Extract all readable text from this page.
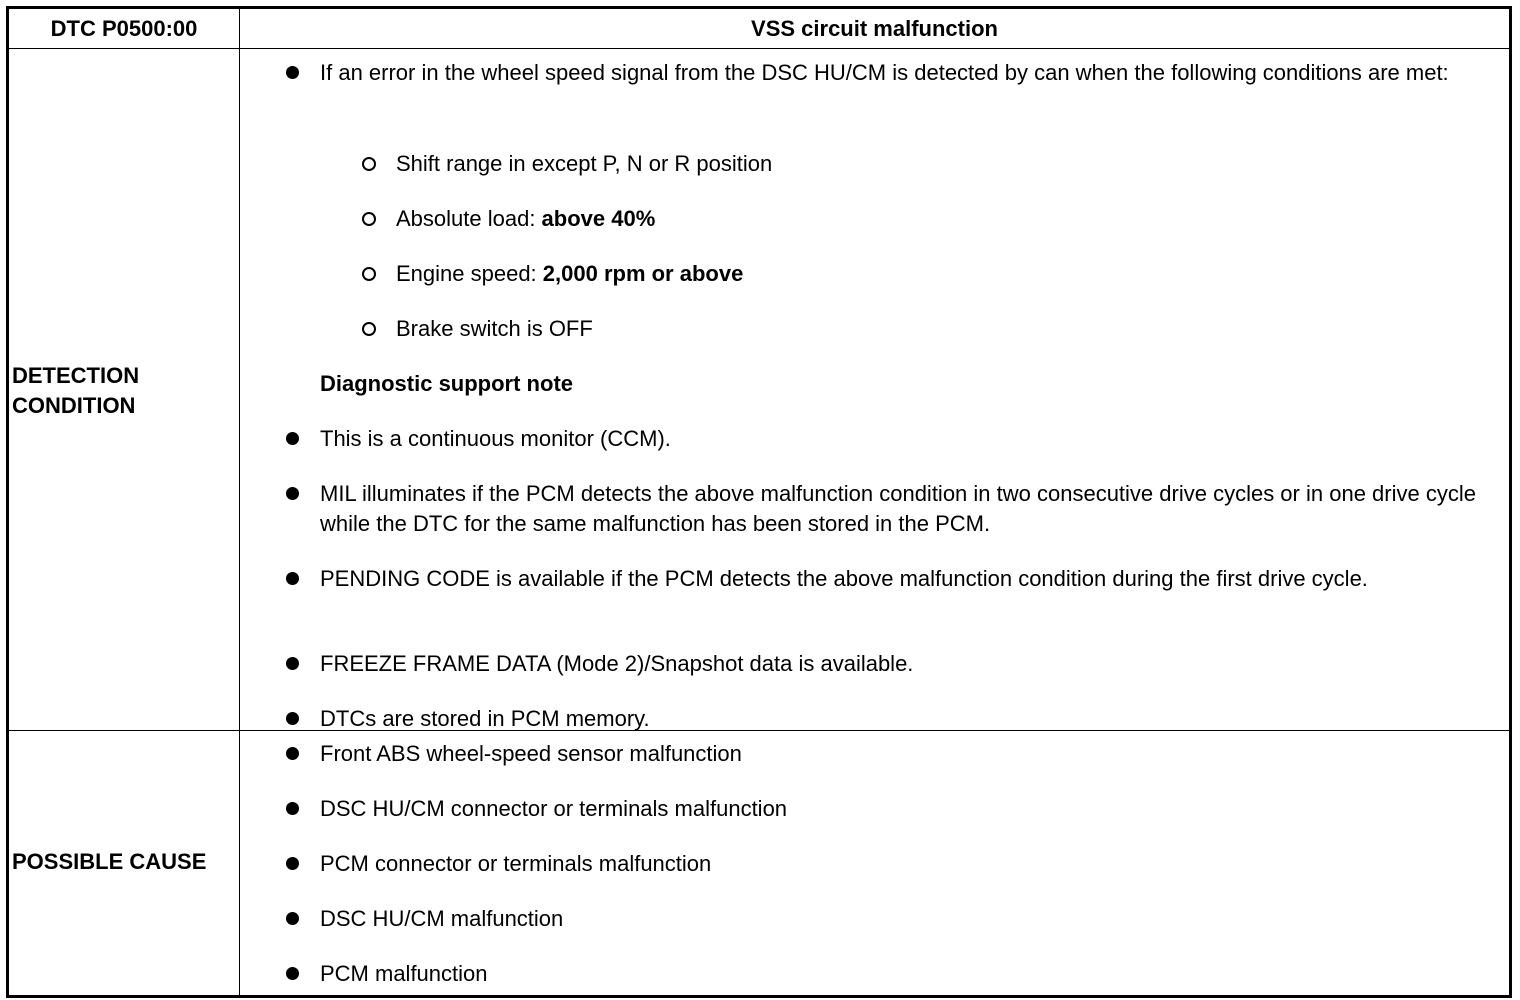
DTC P0500:00	VSS circuit malfunction
DETECTION
CONDITION
If an error in the wheel speed signal from the DSC HU/CM is detected by can when the following conditions are met:
Shift range in except P, N or R position
Absolute load: above 40%
Engine speed: 2,000 rpm or above
Brake switch is OFF
Diagnostic support note
This is a continuous monitor (CCM).
MIL illuminates if the PCM detects the above malfunction condition in two consecutive drive cycles or in one drive cycle while the DTC for the same malfunction has been stored in the PCM.
PENDING CODE is available if the PCM detects the above malfunction condition during the first drive cycle.
FREEZE FRAME DATA (Mode 2)/Snapshot data is available.
DTCs are stored in PCM memory.
POSSIBLE CAUSE
Front ABS wheel-speed sensor malfunction
DSC HU/CM connector or terminals malfunction
PCM connector or terminals malfunction
DSC HU/CM malfunction
PCM malfunction
